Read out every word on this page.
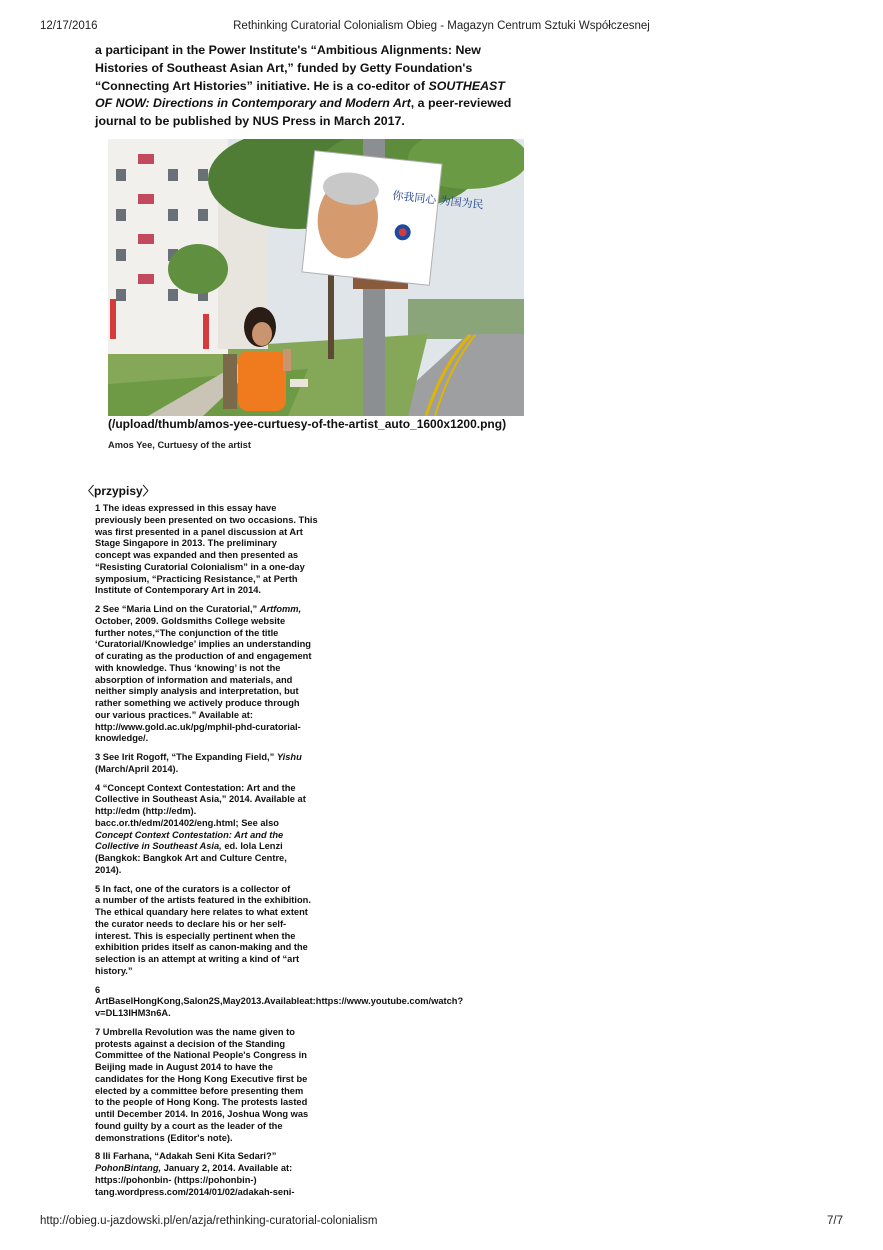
12/17/2016	Rethinking Curatorial Colonialism Obieg - Magazyn Centrum Sztuki Współczesnej

a participant in the Power Institute's “Ambitious Alignments: New Histories of Southeast Asian Art,” funded by Getty Foundation's “Connecting Art Histories” initiative. He is a co-editor of SOUTHEAST OF NOW: Directions in Contemporary and Modern Art, a peer-reviewed journal to be published by NUS Press in March 2017.

你我同心 为国为民
(/upload/thumb/amos-yee-curtuesy-of-the-artist_auto_1600x1200.png)
Amos Yee, Curtuesy of the artist
〈przypisy〉

1 The ideas expressed in this essay have
previously been presented on two occasions. This
was first presented in a panel discussion at Art
Stage Singapore in 2013. The preliminary
concept was expanded and then presented as
“Resisting Curatorial Colonialism” in a one-day
symposium, “Practicing Resistance,” at Perth
Institute of Contemporary Art in 2014.

2 See “Maria Lind on the Curatorial,” Artfomm,
October, 2009. Goldsmiths College website
further notes,“The conjunction of the title
‘Curatorial/Knowledge’ implies an understanding
of curating as the production of and engagement
with knowledge. Thus ‘knowing’ is not the
absorption of information and materials, and
neither simply analysis and interpretation, but
rather something we actively produce through
our various practices.” Available at:
http://www.gold.ac.uk/pg/mphil-phd-curatorial-
knowledge/.

3 See Irit Rogoff, “The Expanding Field,” Yishu
(March/April 2014).

4 “Concept Context Contestation: Art and the
Collective in Southeast Asia,” 2014. Available at
http://edm (http://edm).
bacc.or.th/edm/201402/eng.html; See also
Concept Context Contestation: Art and the
Collective in Southeast Asia, ed. Iola Lenzi
(Bangkok: Bangkok Art and Culture Centre,
2014).

5 In fact, one of the curators is a collector of
a number of the artists featured in the exhibition.
The ethical quandary here relates to what extent
the curator needs to declare his or her self-
interest. This is especially pertinent when the
exhibition prides itself as canon-making and the
selection is an attempt at writing a kind of “art
history.”

6
ArtBaselHongKong,Salon2S,May2013.Availableat:https://www.youtube.com/watch?
v=DL13IHM3n6A.

7 Umbrella Revolution was the name given to
protests against a decision of the Standing
Committee of the National People's Congress in
Beijing made in August 2014 to have the
candidates for the Hong Kong Executive first be
elected by a committee before presenting them
to the people of Hong Kong. The protests lasted
until December 2014. In 2016, Joshua Wong was
found guilty by a court as the leader of the
demonstrations (Editor's note).

8 Ili Farhana, “Adakah Seni Kita Sedari?”
PohonBintang, January 2, 2014. Available at:
https://pohonbin- (https://pohonbin-)
tang.wordpress.com/2014/01/02/adakah-seni-

http://obieg.u-jazdowski.pl/en/azja/rethinking-curatorial-colonialism	7/7
